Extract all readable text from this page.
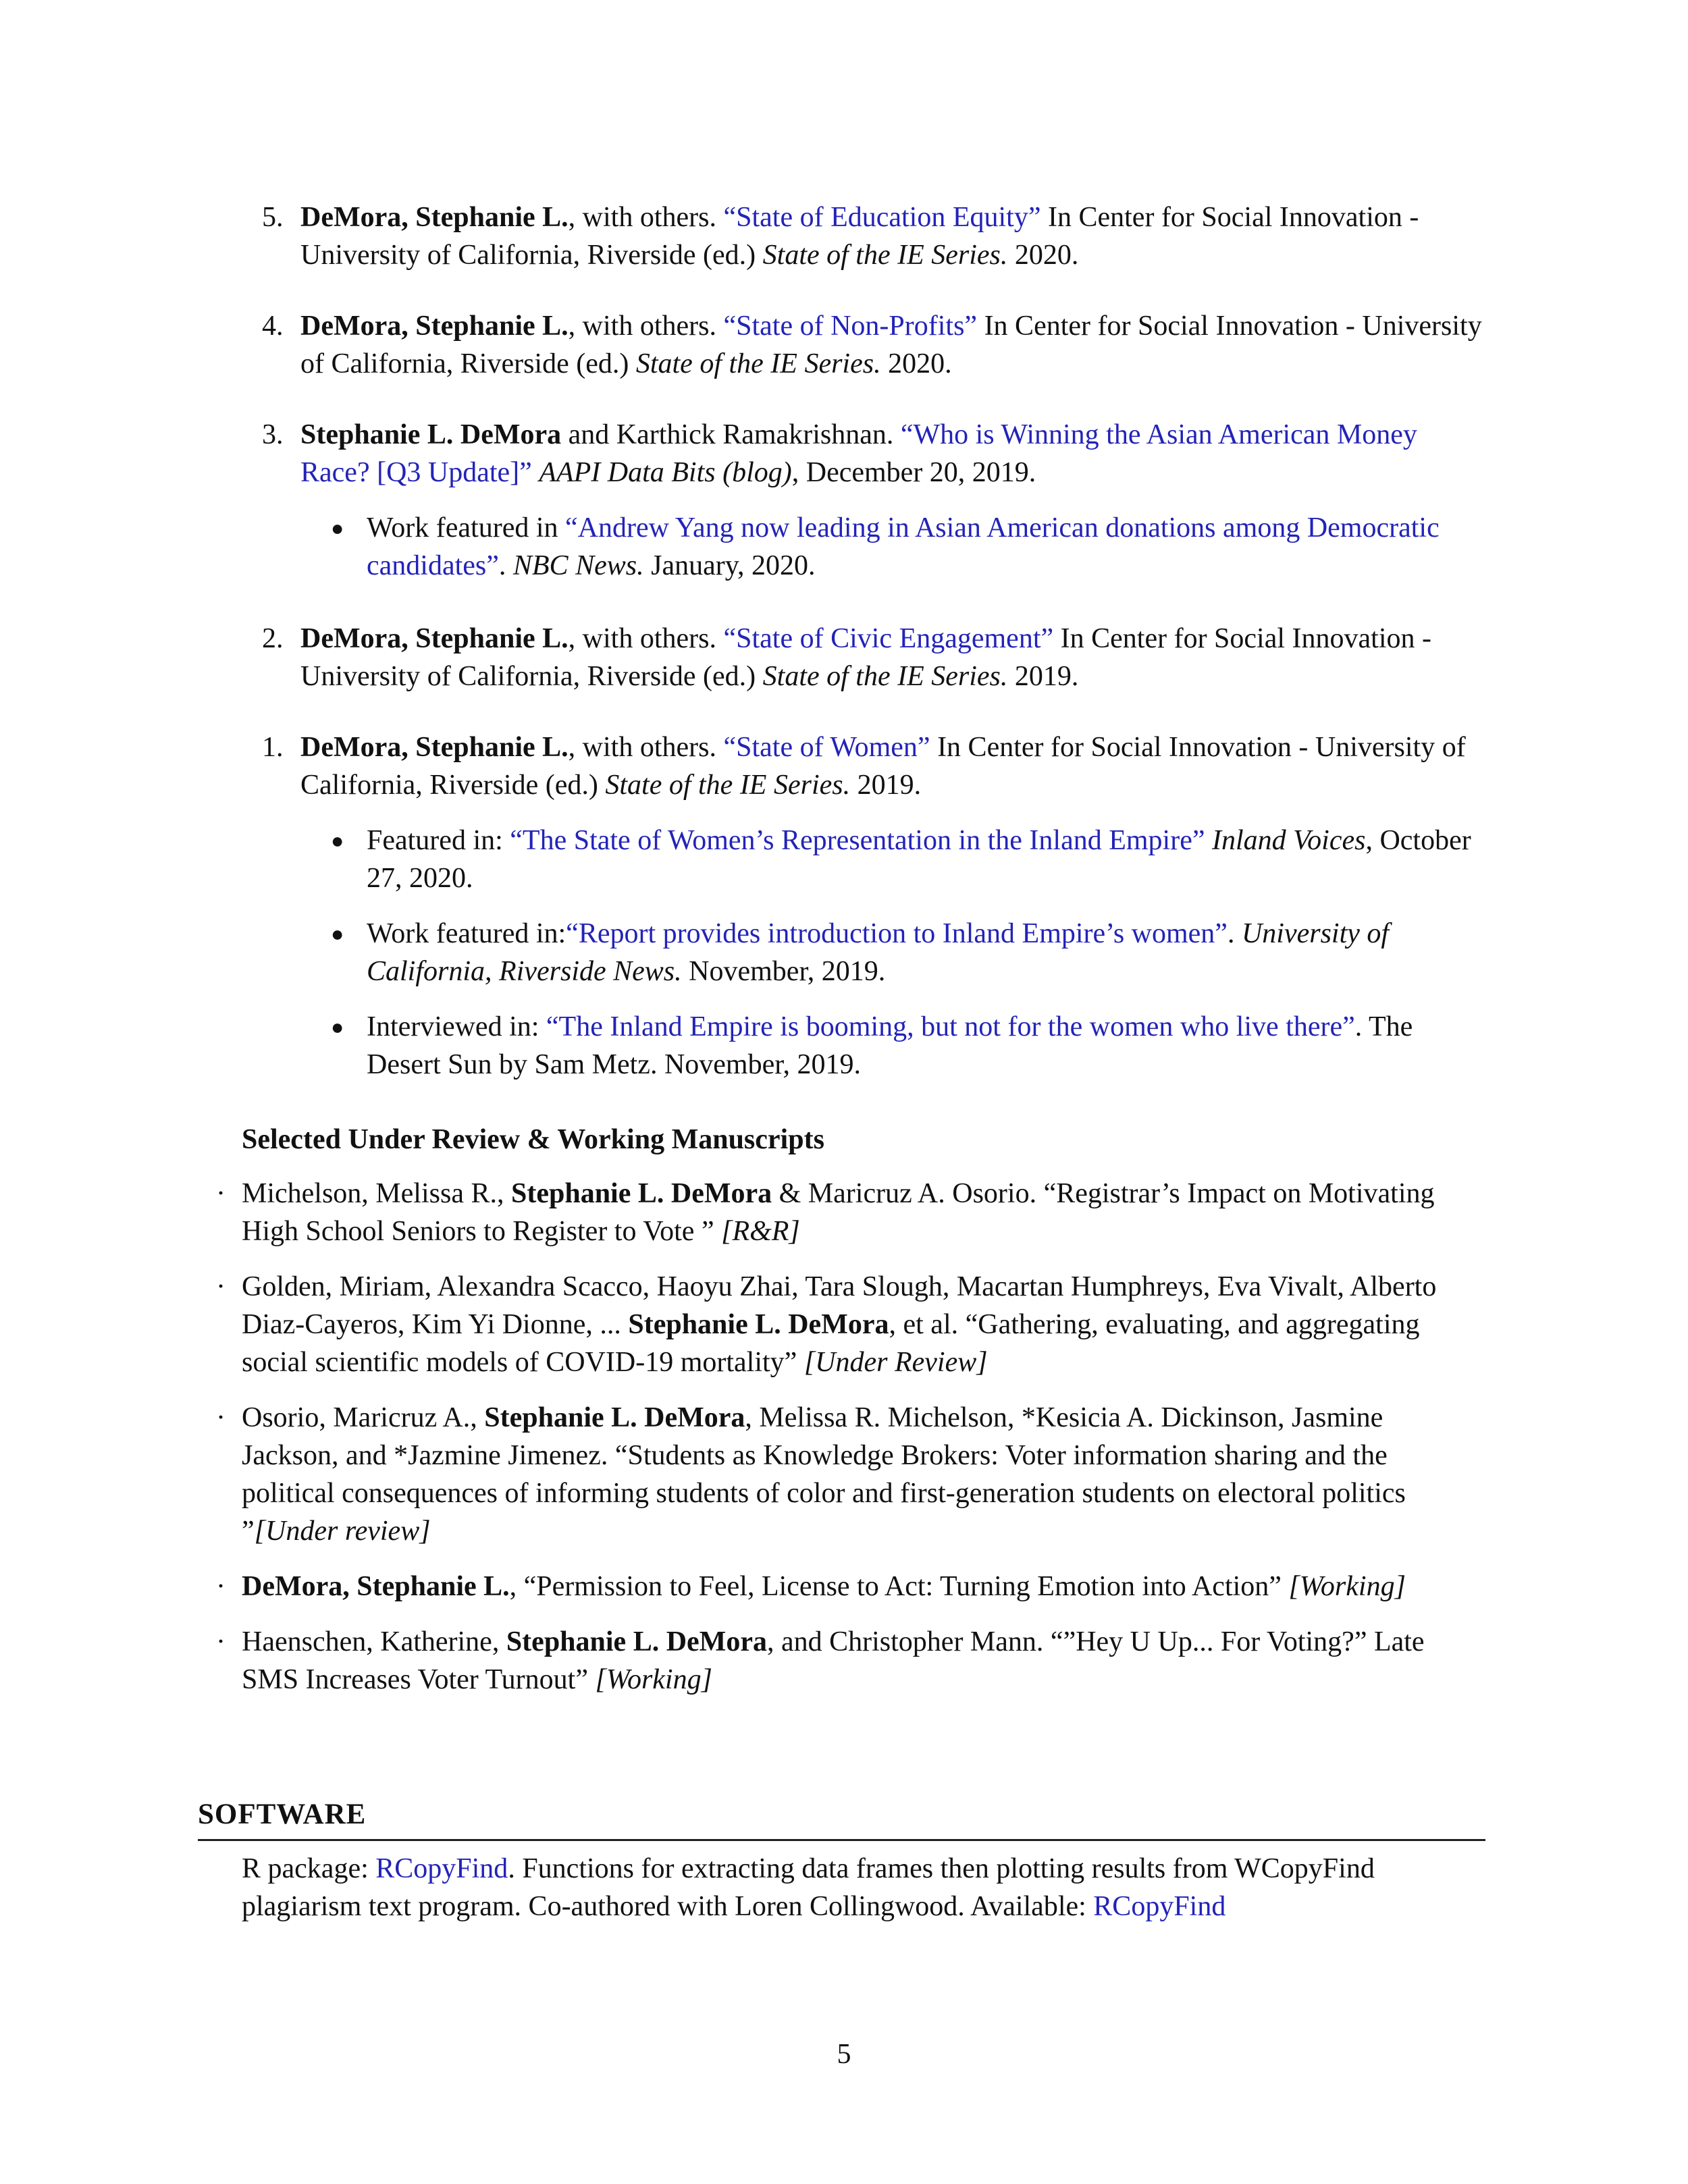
5. DeMora, Stephanie L., with others. “State of Education Equity” In Center for Social Innovation - University of California, Riverside (ed.) State of the IE Series. 2020.
4. DeMora, Stephanie L., with others. “State of Non-Profits” In Center for Social Innovation - University of California, Riverside (ed.) State of the IE Series. 2020.
3. Stephanie L. DeMora and Karthick Ramakrishnan. “Who is Winning the Asian American Money Race? [Q3 Update]” AAPI Data Bits (blog), December 20, 2019.
● Work featured in “Andrew Yang now leading in Asian American donations among Democratic candidates”. NBC News. January, 2020.
2. DeMora, Stephanie L., with others. “State of Civic Engagement” In Center for Social Innovation - University of California, Riverside (ed.) State of the IE Series. 2019.
1. DeMora, Stephanie L., with others. “State of Women” In Center for Social Innovation - University of California, Riverside (ed.) State of the IE Series. 2019.
● Featured in: “The State of Women’s Representation in the Inland Empire” Inland Voices, October 27, 2020.
● Work featured in:“Report provides introduction to Inland Empire’s women”. University of California, Riverside News. November, 2019.
● Interviewed in: “The Inland Empire is booming, but not for the women who live there”. The Desert Sun by Sam Metz. November, 2019.
Selected Under Review & Working Manuscripts
· Michelson, Melissa R., Stephanie L. DeMora & Maricruz A. Osorio. “Registrar’s Impact on Motivating High School Seniors to Register to Vote ” [R&R]
· Golden, Miriam, Alexandra Scacco, Haoyu Zhai, Tara Slough, Macartan Humphreys, Eva Vivalt, Alberto Diaz-Cayeros, Kim Yi Dionne, ... Stephanie L. DeMora, et al. “Gathering, evaluating, and aggregating social scientific models of COVID-19 mortality” [Under Review]
· Osorio, Maricruz A., Stephanie L. DeMora, Melissa R. Michelson, *Kesicia A. Dickinson, Jasmine Jackson, and *Jazmine Jimenez. “Students as Knowledge Brokers: Voter information sharing and the political consequences of informing students of color and first-generation students on electoral politics ”[Under review]
· DeMora, Stephanie L., “Permission to Feel, License to Act: Turning Emotion into Action” [Working]
· Haenschen, Katherine, Stephanie L. DeMora, and Christopher Mann. “”Hey U Up... For Voting?” Late SMS Increases Voter Turnout” [Working]
SOFTWARE
R package: RCopyFind. Functions for extracting data frames then plotting results from WCopyFind plagiarism text program. Co-authored with Loren Collingwood. Available: RCopyFind
5
